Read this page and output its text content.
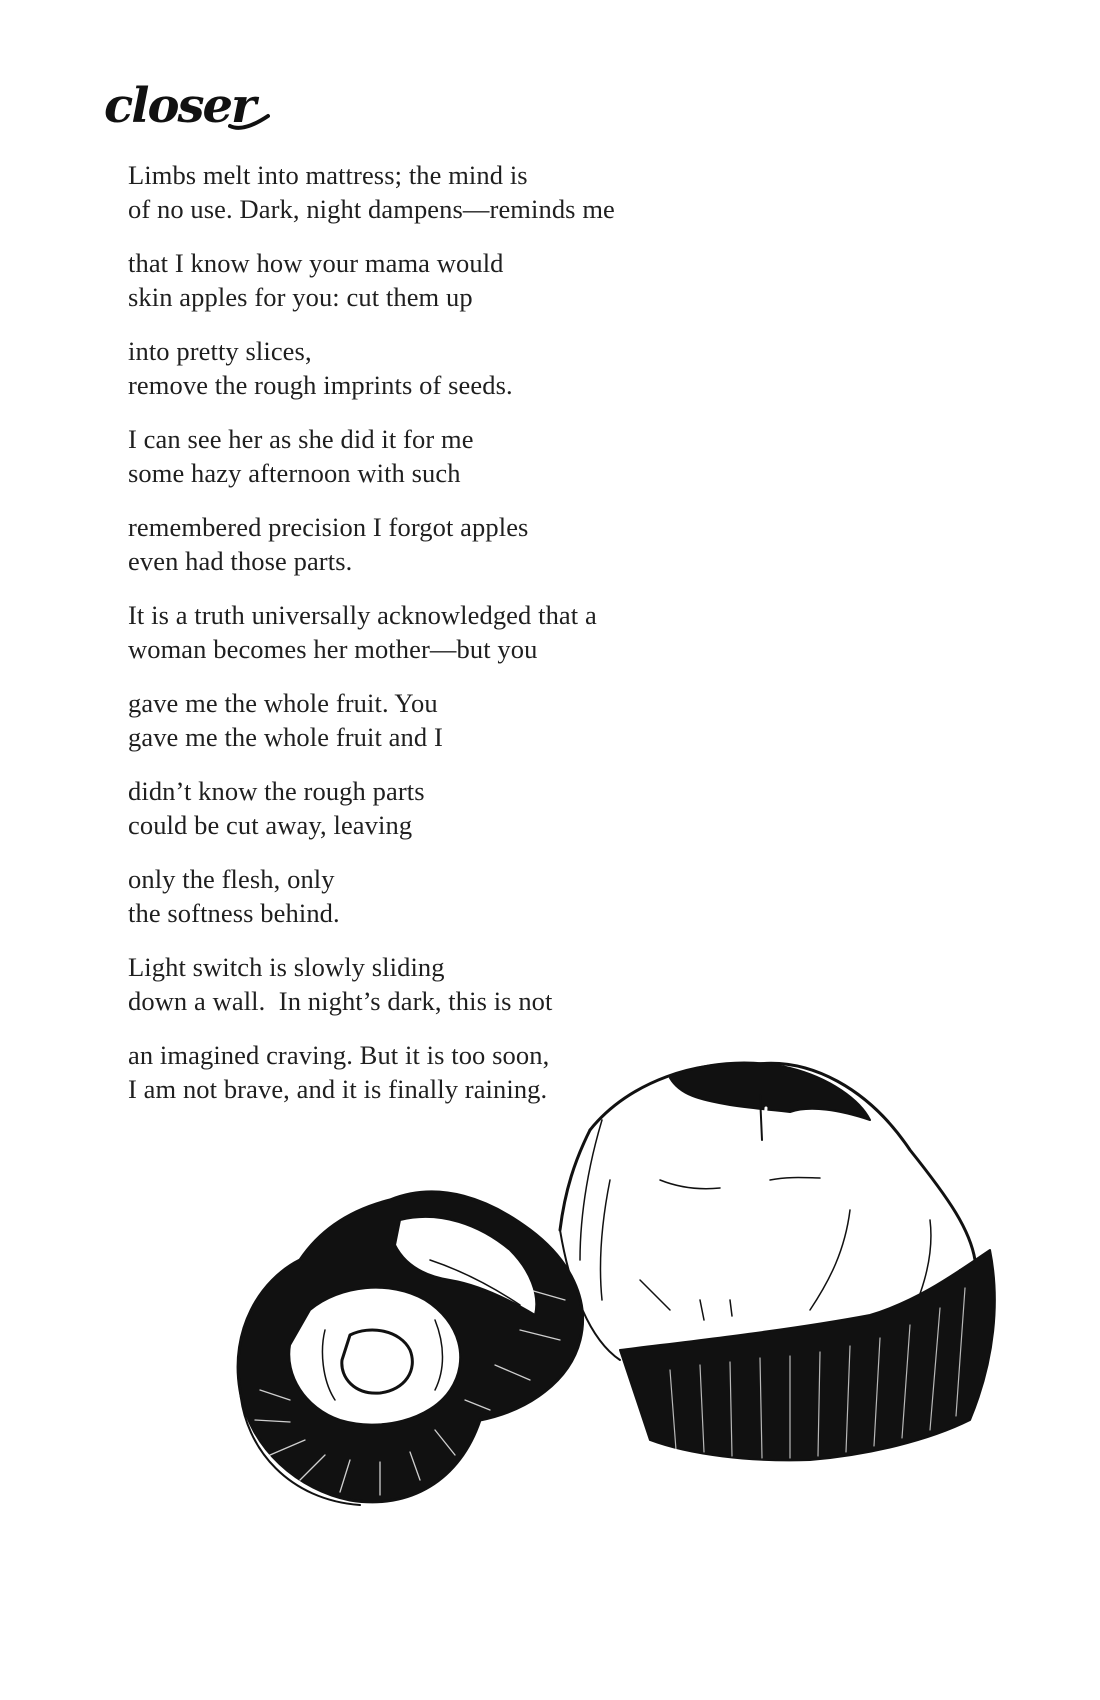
closer
Limbs melt into mattress; the mind is
of no use. Dark, night dampens—reminds me
that I know how your mama would
skin apples for you: cut them up
into pretty slices,
remove the rough imprints of seeds.
I can see her as she did it for me
some hazy afternoon with such
remembered precision I forgot apples
even had those parts.
It is a truth universally acknowledged that a
woman becomes her mother—but you
gave me the whole fruit. You
gave me the whole fruit and I
didn’t know the rough parts
could be cut away, leaving
only the flesh, only
the softness behind.
Light switch is slowly sliding
down a wall.  In night’s dark, this is not
an imagined craving. But it is too soon,
I am not brave, and it is finally raining.
